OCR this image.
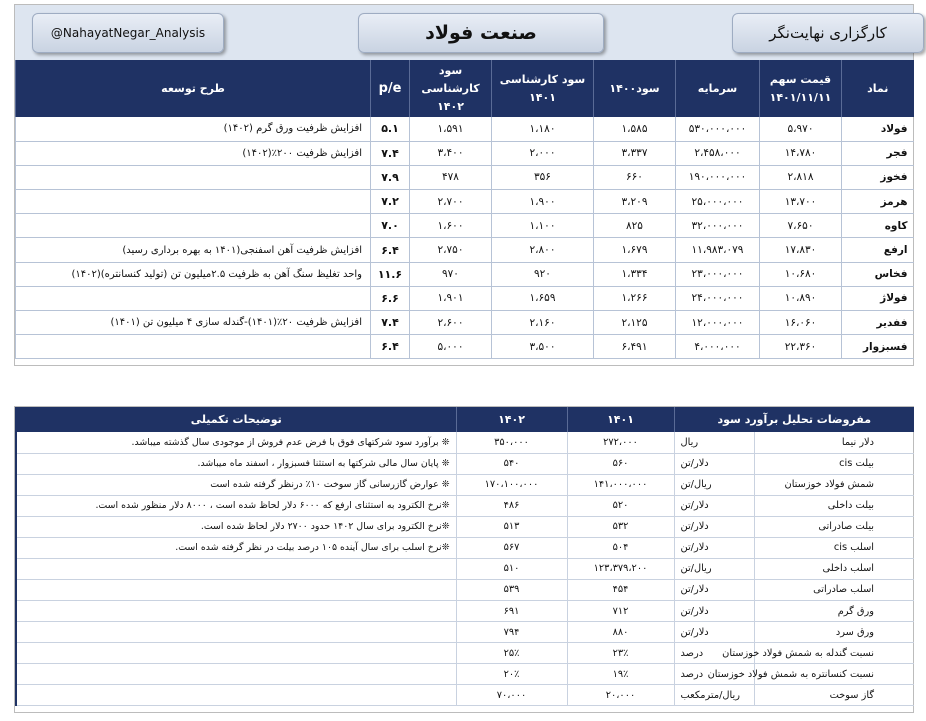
@NahayatNegar_Analysis	صنعت فولاد	کارگزاری نهایت‌نگر
نماد	قیمت سهم ۱۴۰۱/۱۱/۱۱	سرمایه	سود۱۴۰۰	سود کارشناسی ۱۴۰۱	سود کارشناسی ۱۴۰۲	p/e	طرح توسعه
فولاد	۵،۹۷۰	۵۳۰،۰۰۰،۰۰۰	۱،۵۸۵	۱،۱۸۰	۱،۵۹۱	۵.۱	افزایش ظرفیت ورق گرم (۱۴۰۲)
فجر	۱۴،۷۸۰	۲،۴۵۸،۰۰۰	۳،۳۳۷	۲،۰۰۰	۳،۴۰۰	۷.۴	افزایش ظرفیت ۲۰۰٪(۱۴۰۲)
فخوز	۲،۸۱۸	۱۹۰،۰۰۰،۰۰۰	۶۶۰	۳۵۶	۴۷۸	۷.۹	
هرمز	۱۳،۷۰۰	۲۵،۰۰۰،۰۰۰	۳،۲۰۹	۱،۹۰۰	۲،۷۰۰	۷.۲	
کاوه	۷،۶۵۰	۳۲،۰۰۰،۰۰۰	۸۲۵	۱،۱۰۰	۱،۶۰۰	۷.۰	
ارفع	۱۷،۸۳۰	۱۱،۹۸۳،۰۷۹	۱،۶۷۹	۲،۸۰۰	۲،۷۵۰	۶.۴	افزایش ظرفیت آهن اسفنجی(۱۴۰۱ به بهره برداری رسید)
فخاس	۱۰،۶۸۰	۲۳،۰۰۰،۰۰۰	۱،۳۳۴	۹۲۰	۹۷۰	۱۱.۶	واحد تغلیظ سنگ آهن به ظرفیت ۲.۵میلیون تن (تولید کنسانتره)(۱۴۰۲)
فولاژ	۱۰،۸۹۰	۲۴،۰۰۰،۰۰۰	۱،۲۶۶	۱،۶۵۹	۱،۹۰۱	۶.۶	
ففدیر	۱۶،۰۶۰	۱۲،۰۰۰،۰۰۰	۲،۱۲۵	۲،۱۶۰	۲،۶۰۰	۷.۴	افزایش ظرفیت ۲۰٪(۱۴۰۱)-گندله سازی ۴ میلیون تن (۱۴۰۱)
فسبزوار	۲۲،۳۶۰	۴،۰۰۰،۰۰۰	۶،۴۹۱	۳،۵۰۰	۵،۰۰۰	۶.۴	
مفروضات تحلیل برآورد سود		۱۴۰۱	۱۴۰۲	توضیحات تکمیلی
دلار نیما	ریال	۲۷۲،۰۰۰	۳۵۰،۰۰۰	❊ برآورد سود شرکتهای فوق با فرض عدم فروش از موجودی سال گذشته میباشد.
بیلت cis	دلار/تن	۵۶۰	۵۴۰	❊ پایان سال مالی شرکتها به استثنا فسبزوار ، اسفند ماه میباشد.
شمش فولاد خوزستان	ریال/تن	۱۴۱،۰۰۰،۰۰۰	۱۷۰،۱۰۰،۰۰۰	❊ عوارض گازرسانی گاز سوخت ۱۰٪ درنظر گرفته شده است
بیلت داخلی	دلار/تن	۵۲۰	۴۸۶	❊نرخ الکترود به استثنای ارفع که ۶۰۰۰ دلار لحاظ شده است ، ۸۰۰۰ دلار منظور شده است.
بیلت صادراتی	دلار/تن	۵۳۲	۵۱۳	❊نرخ الکترود برای سال ۱۴۰۲ حدود ۲۷۰۰ دلار لحاظ شده است.
اسلب cis	دلار/تن	۵۰۴	۵۶۷	❊نرخ اسلب برای سال آینده ۱۰۵ درصد بیلت در نظر گرفته شده است.
اسلب داخلی	ریال/تن	۱۲۳،۳۷۹،۲۰۰	۵۱۰	
اسلب صادراتی	دلار/تن	۴۵۴	۵۳۹	
ورق گرم	دلار/تن	۷۱۲	۶۹۱	
ورق سرد	دلار/تن	۸۸۰	۷۹۴	
نسبت گندله به شمش فولاد خوزستان	درصد	۲۳٪	۲۵٪	
نسبت کنسانتره به شمش فولاد خوزستان	درصد	۱۹٪	۲۰٪	
گاز سوخت	ریال/مترمکعب	۲۰،۰۰۰	۷۰،۰۰۰	
